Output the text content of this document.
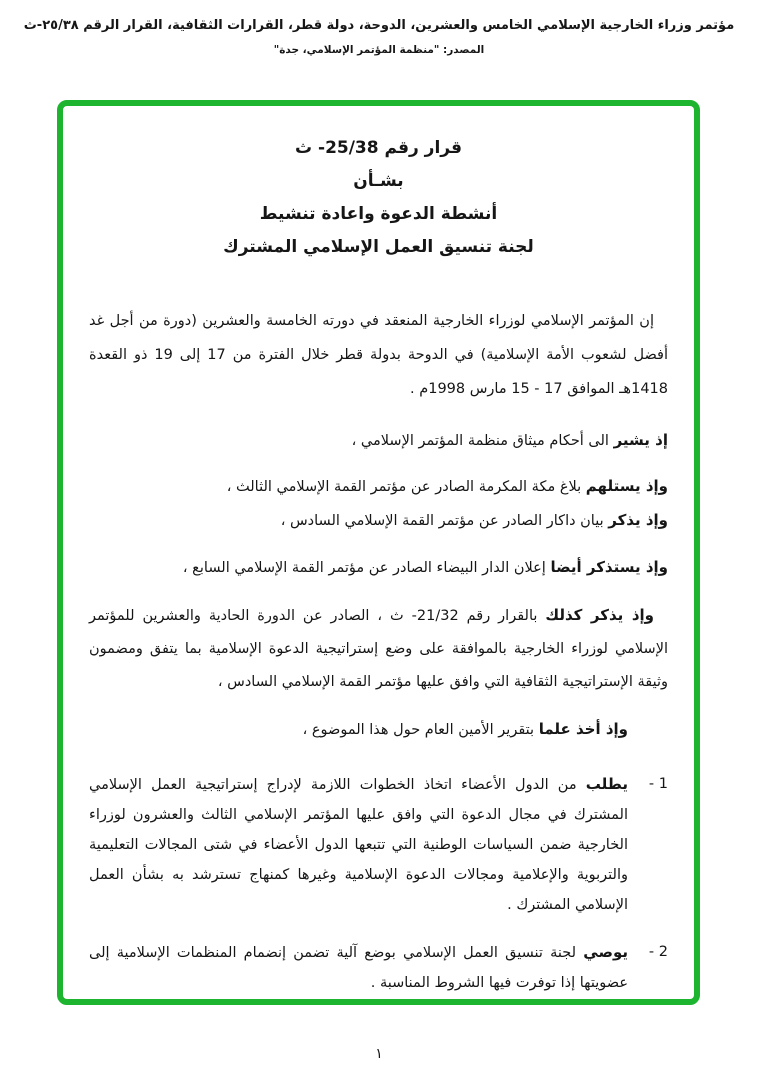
مؤتمر وزراء الخارجية الإسلامي الخامس والعشرين، الدوحة، دولة قطر، القرارات الثقافية، القرار الرقم ٢٥/٣٨-ث
المصدر: "منظمة المؤتمر الإسلامي، جدة"
قرار رقم 25/38- ث
بشـأن
أنشطة الدعوة واعادة تنشيط
لجنة تنسيق العمل الإسلامي المشترك
إن المؤتمر الإسلامي لوزراء الخارجية المنعقد في دورته الخامسة والعشرين (دورة من أجل غد أفضل لشعوب الأمة الإسلامية) في الدوحة بدولة قطر خلال الفترة من 17 إلى 19 ذو القعدة 1418هـ الموافق ‭15 - 17‬ مارس 1998م .
إذ يشير الى أحكام ميثاق منظمة المؤتمر الإسلامي ،
وإذ يستلهم بلاغ مكة المكرمة الصادر عن مؤتمر القمة الإسلامي الثالث ،
وإذ يذكر بيان داكار الصادر عن مؤتمر القمة الإسلامي السادس ،
وإذ يستذكر أيضا إعلان الدار البيضاء الصادر عن مؤتمر القمة الإسلامي السابع ،
وإذ يذكر كذلك بالقرار رقم 21/32- ث ، الصادر عن الدورة الحادية والعشرين للمؤتمر الإسلامي لوزراء الخارجية بالموافقة على وضع إستراتيجية الدعوة الإسلامية بما يتفق ومضمون وثيقة الإستراتيجية الثقافية التي وافق عليها مؤتمر القمة الإسلامي السادس ،
وإذ أخذ علما بتقرير الأمين العام حول هذا الموضوع ،
1 -
يطلب من الدول الأعضاء اتخاذ الخطوات اللازمة لإدراج إستراتيجية العمل الإسلامي المشترك في مجال الدعوة التي وافق عليها المؤتمر الإسلامي الثالث والعشرون لوزراء الخارجية ضمن السياسات الوطنية التي تتبعها الدول الأعضاء في شتى المجالات التعليمية والتربوية والإعلامية ومجالات الدعوة الإسلامية وغيرها كمنهاج تسترشد به بشأن العمل الإسلامي المشترك .
2 -
يوصي لجنة تنسيق العمل الإسلامي بوضع آلية تضمن إنضمام المنظمات الإسلامية إلى عضويتها إذا توفرت فيها الشروط المناسبة .
١
